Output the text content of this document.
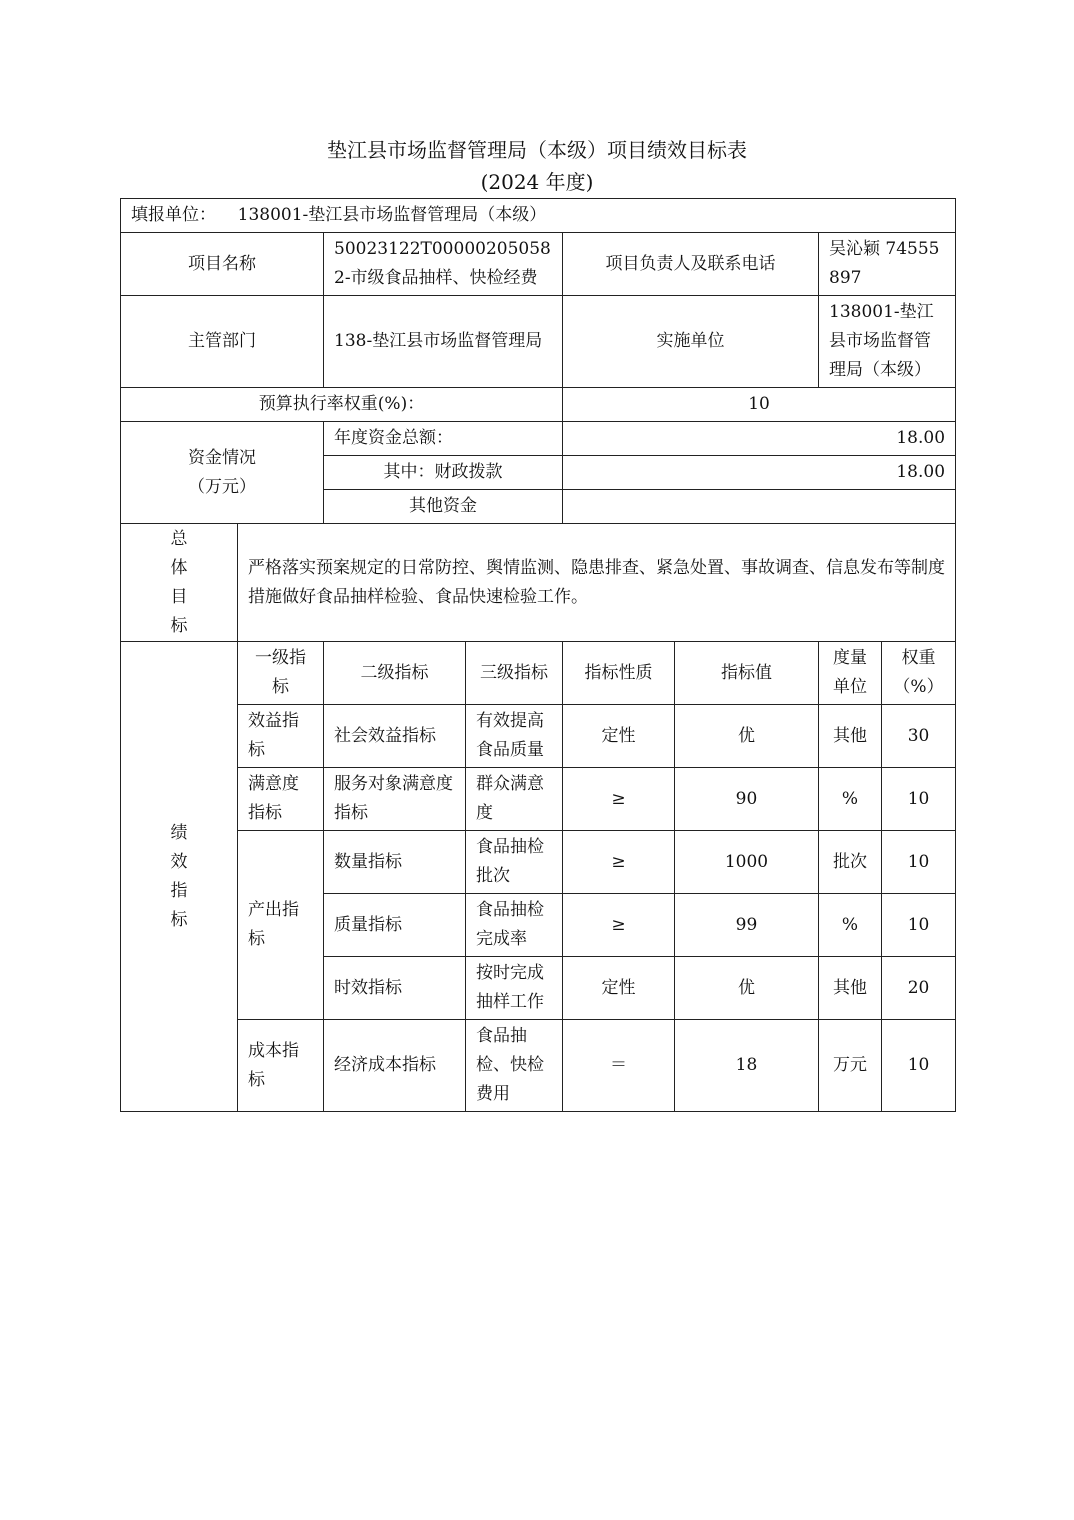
垫江县市场监督管理局（本级）项目绩效目标表
(2024 年度)
填报单位： 138001-垫江县市场监督管理局（本级）							
项目名称		50023122T000002050582-市级食品抽样、快检经费		项目负责人及联系电话		吴沁颖 74555897	
主管部门		138-垫江县市场监督管理局		实施单位		138001-垫江县市场监督管理局（本级）	
预算执行率权重(%)：				10			

资金情况
（万元）		年度资金总额：		18.00			
		其中：财政拨款		18.00			
		其他资金					

总
体
目
标	严格落实预案规定的日常防控、舆情监测、隐患排查、紧急处置、事故调查、信息发布等制度措施做好食品抽样检验、食品快速检验工作。						

绩
效
指
标	一级指标	二级指标	三级指标	指标性质	指标值	度量单位	权重（%）
	效益指标	社会效益指标	有效提高食品质量	定性	优	其他	30
	满意度指标	服务对象满意度指标	群众满意度	≥	90	%	10
	产出指标	数量指标	食品抽检批次	≥	1000	批次	10
		质量指标	食品抽检完成率	≥	99	%	10
		时效指标	按时完成抽样工作	定性	优	其他	20
	成本指标	经济成本指标	食品抽检、快检费用	＝	18	万元	10
